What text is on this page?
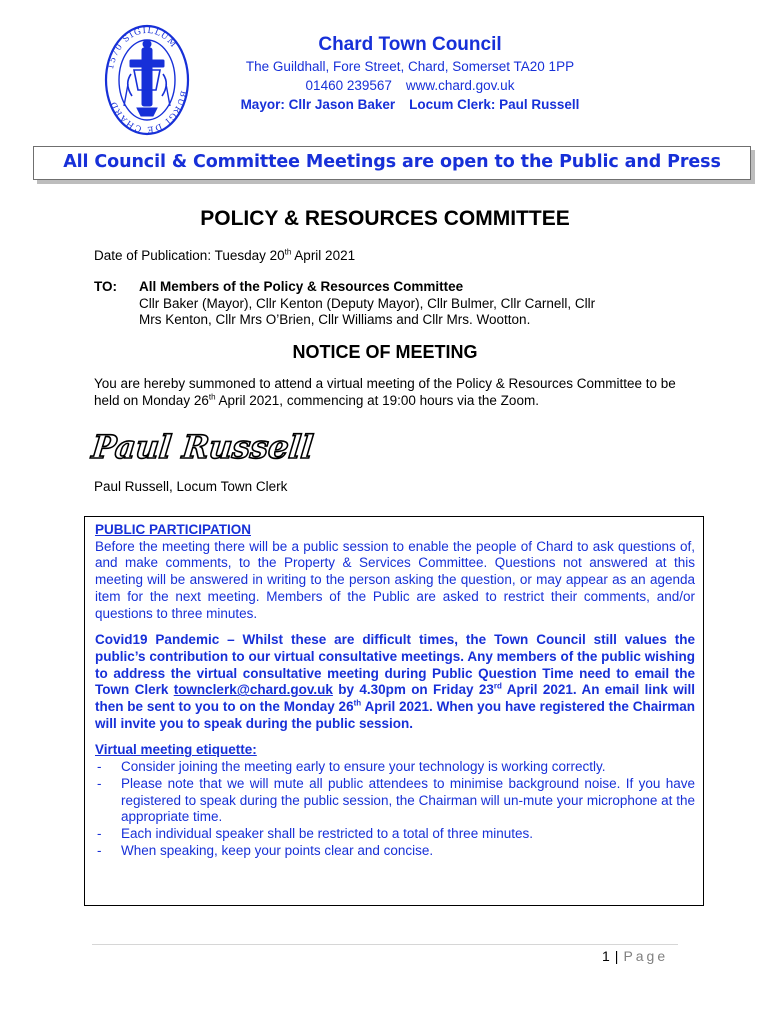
1570 SIGILLUM
BURGI DE CHARD
Chard Town Council
The Guildhall, Fore Street, Chard, Somerset TA20 1PP
01460 239567 www.chard.gov.uk
Mayor: Cllr Jason Baker Locum Clerk: Paul Russell
All Council & Committee Meetings are open to the Public and Press
POLICY & RESOURCES COMMITTEE
Date of Publication: Tuesday 20th April 2021
TO: All Members of the Policy & Resources Committee
Cllr Baker (Mayor), Cllr Kenton (Deputy Mayor), Cllr Bulmer, Cllr Carnell, Cllr
Mrs Kenton, Cllr Mrs O’Brien, Cllr Williams and Cllr Mrs. Wootton.
NOTICE OF MEETING
You are hereby summoned to attend a virtual meeting of the Policy & Resources Committee to be held on Monday 26th April 2021, commencing at 19:00 hours via the Zoom.
Paul Russell
Paul Russell, Locum Town Clerk
PUBLIC PARTICIPATION

Before the meeting there will be a public session to enable the people of Chard to ask questions of, and make comments, to the Property & Services Committee. Questions not answered at this meeting will be answered in writing to the person asking the question, or may appear as an agenda item for the next meeting. Members of the Public are asked to restrict their comments, and/or questions to three minutes.

Covid19 Pandemic – Whilst these are difficult times, the Town Council still values the public’s contribution to our virtual consultative meetings. Any members of the public wishing to address the virtual consultative meeting during Public Question Time need to email the Town Clerk townclerk@chard.gov.uk by 4.30pm on Friday 23rd April 2021. An email link will then be sent to you to on the Monday 26th April 2021. When you have registered the Chairman will invite you to speak during the public session.
Virtual meeting etiquette:
- Consider joining the meeting early to ensure your technology is working correctly.
- Please note that we will mute all public attendees to minimise background noise. If you have registered to speak during the public session, the Chairman will un-mute your microphone at the appropriate time.
- Each individual speaker shall be restricted to a total of three minutes.
- When speaking, keep your points clear and concise.
1 | Page
